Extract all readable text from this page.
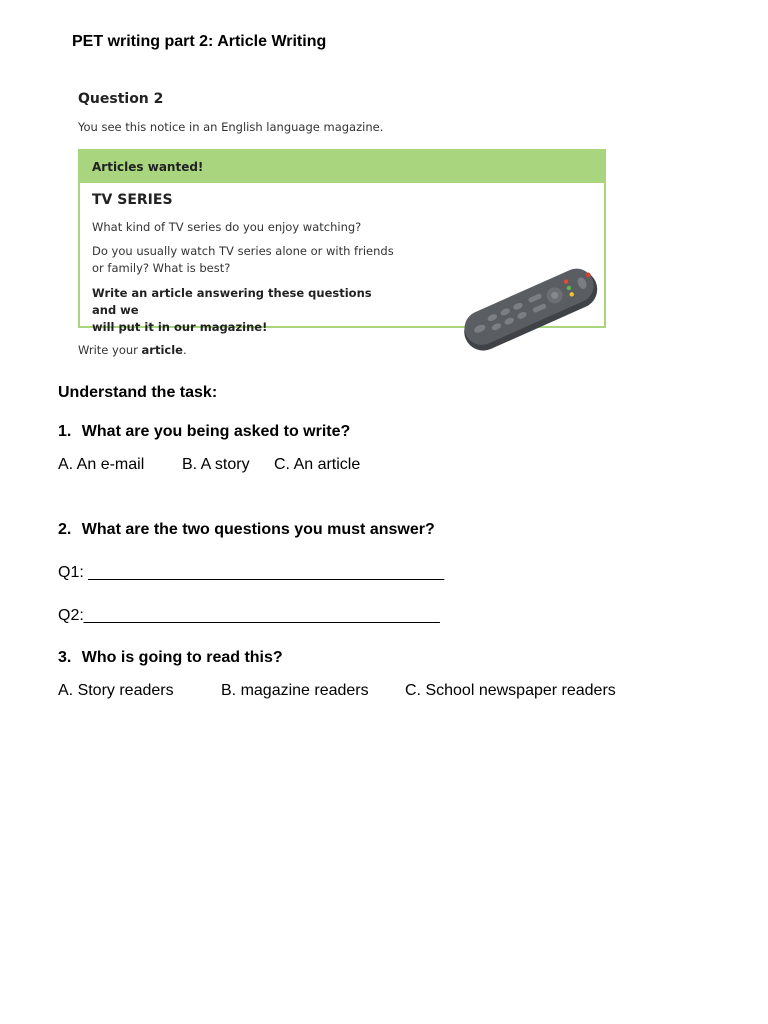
PET writing part 2: Article Writing
Question 2
You see this notice in an English language magazine.
Articles wanted!
TV SERIES
What kind of TV series do you enjoy watching?
Do you usually watch TV series alone or with friends
or family? What is best?
Write an article answering these questions and we
will put it in our magazine!
Write your article.
Understand the task:
1. What are you being asked to write?
A. An e-mail B. A story C. An article
2. What are the two questions you must answer?
Q1: ________________________________________
Q2:________________________________________
3. Who is going to read this?
A. Story readers	B. magazine readers C. School newspaper readers
